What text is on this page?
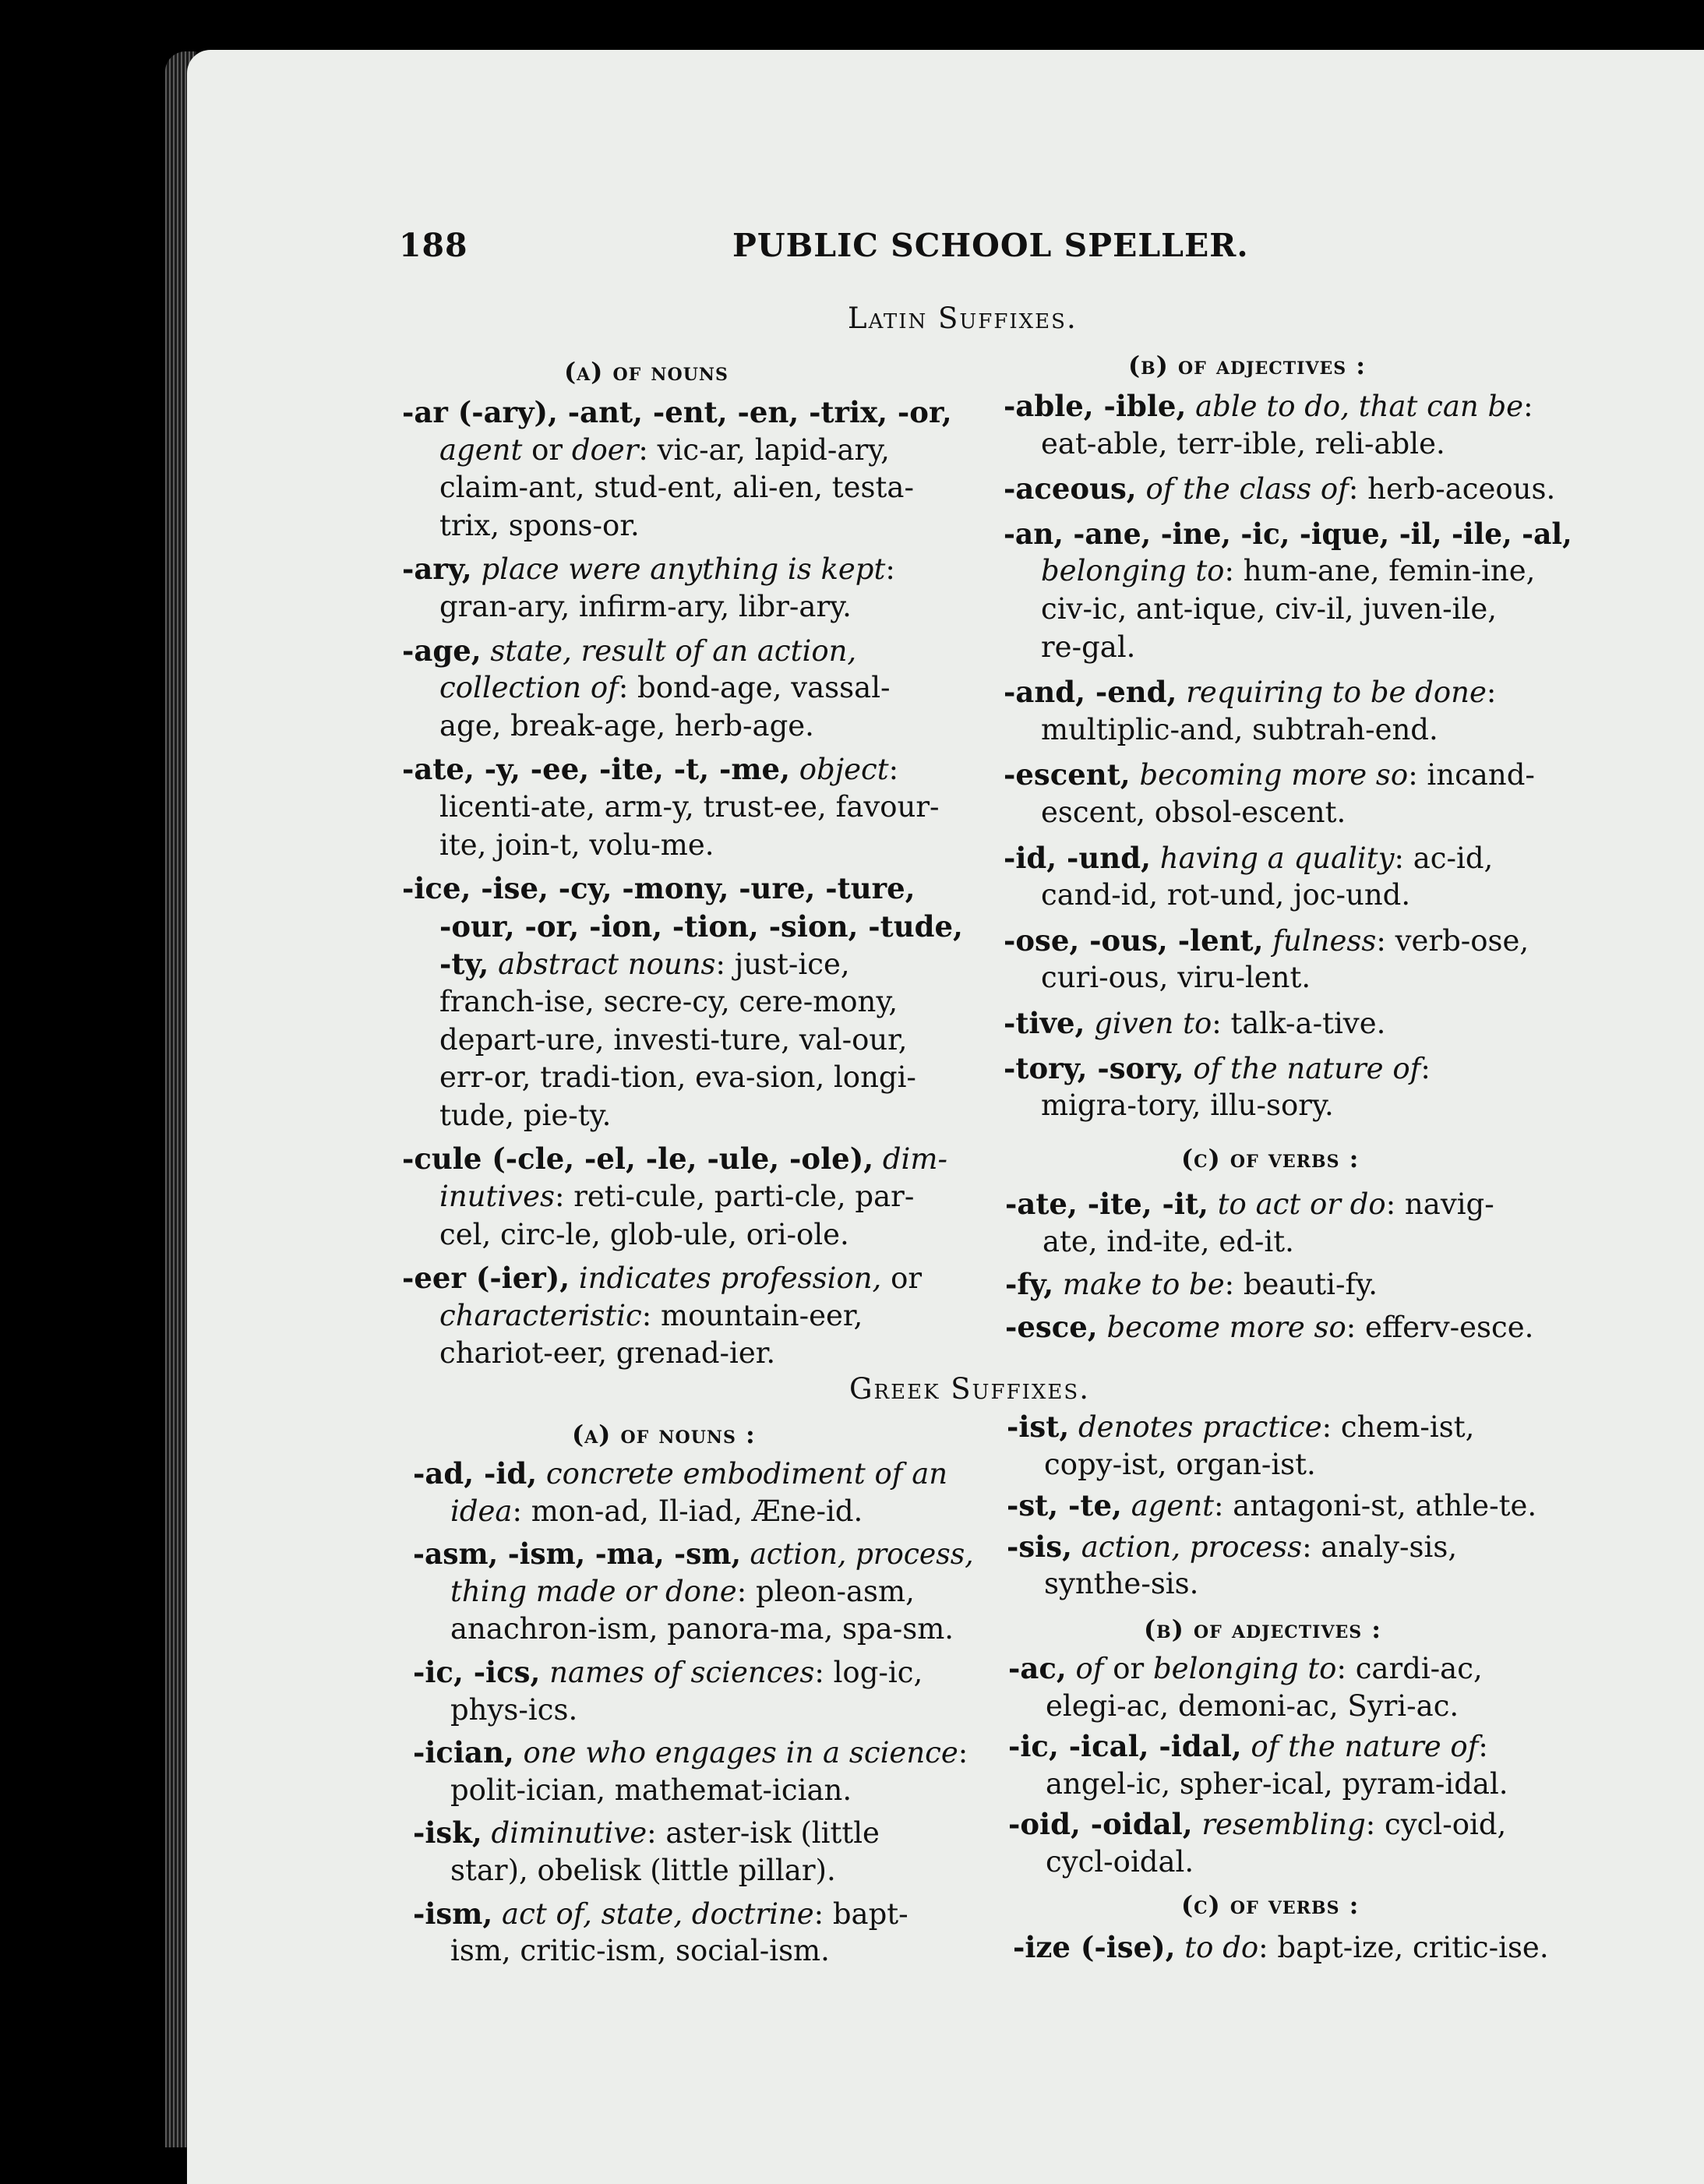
188	PUBLIC SCHOOL SPELLER.
Latin Suffixes.
(a) of nouns	(b) of adjectives :
(c) of verbs :
Greek Suffixes.
(a) of nouns :
(b) of adjectives :
(c) of verbs :
-ar (-ary), -ant, -ent, -en, -trix, -or,
agent or doer: vic-ar, lapid-ary,
claim-ant, stud-ent, ali-en, testa-
trix, spons-or.
-ary, place were anything is kept:
gran-ary, infirm-ary, libr-ary.
-age, state, result of an action,
collection of: bond-age, vassal-
age, break-age, herb-age.
-ate, -y, -ee, -ite, -t, -me, object:
licenti-ate, arm-y, trust-ee, favour-
ite, join-t, volu-me.
-ice, -ise, -cy, -mony, -ure, -ture,
-our, -or, -ion, -tion, -sion, -tude,
-ty, abstract nouns: just-ice,
franch-ise, secre-cy, cere-mony,
depart-ure, investi-ture, val-our,
err-or, tradi-tion, eva-sion, longi-
tude, pie-ty.
-cule (-cle, -el, -le, -ule, -ole), dim-
inutives: reti-cule, parti-cle, par-
cel, circ-le, glob-ule, ori-ole.
-eer (-ier), indicates profession, or
characteristic: mountain-eer,
chariot-eer, grenad-ier.
-able, -ible, able to do, that can be:
eat-able, terr-ible, reli-able.
-aceous, of the class of: herb-aceous.
-an, -ane, -ine, -ic, -ique, -il, -ile, -al,
belonging to: hum-ane, femin-ine,
civ-ic, ant-ique, civ-il, juven-ile,
re-gal.
-and, -end, requiring to be done:
multiplic-and, subtrah-end.
-escent, becoming more so: incand-
escent, obsol-escent.
-id, -und, having a quality: ac-id,
cand-id, rot-und, joc-und.
-ose, -ous, -lent, fulness: verb-ose,
curi-ous, viru-lent.
-tive, given to: talk-a-tive.
-tory, -sory, of the nature of:
migra-tory, illu-sory.
-ate, -ite, -it, to act or do: navig-
ate, ind-ite, ed-it.
-fy, make to be: beauti-fy.
-esce, become more so: efferv-esce.
-ad, -id, concrete embodiment of an
idea: mon-ad, Il-iad, Æne-id.
-asm, -ism, -ma, -sm, action, process,
thing made or done: pleon-asm,
anachron-ism, panora-ma, spa-sm.
-ic, -ics, names of sciences: log-ic,
phys-ics.
-ician, one who engages in a science:
polit-ician, mathemat-ician.
-isk, diminutive: aster-isk (little
star), obelisk (little pillar).
-ism, act of, state, doctrine: bapt-
ism, critic-ism, social-ism.
-ist, denotes practice: chem-ist,
copy-ist, organ-ist.
-st, -te, agent: antagoni-st, athle-te.
-sis, action, process: analy-sis,
synthe-sis.
-ac, of or belonging to: cardi-ac,
elegi-ac, demoni-ac, Syri-ac.
-ic, -ical, -idal, of the nature of:
angel-ic, spher-ical, pyram-idal.
-oid, -oidal, resembling: cycl-oid,
cycl-oidal.
-ize (-ise), to do: bapt-ize, critic-ise.
